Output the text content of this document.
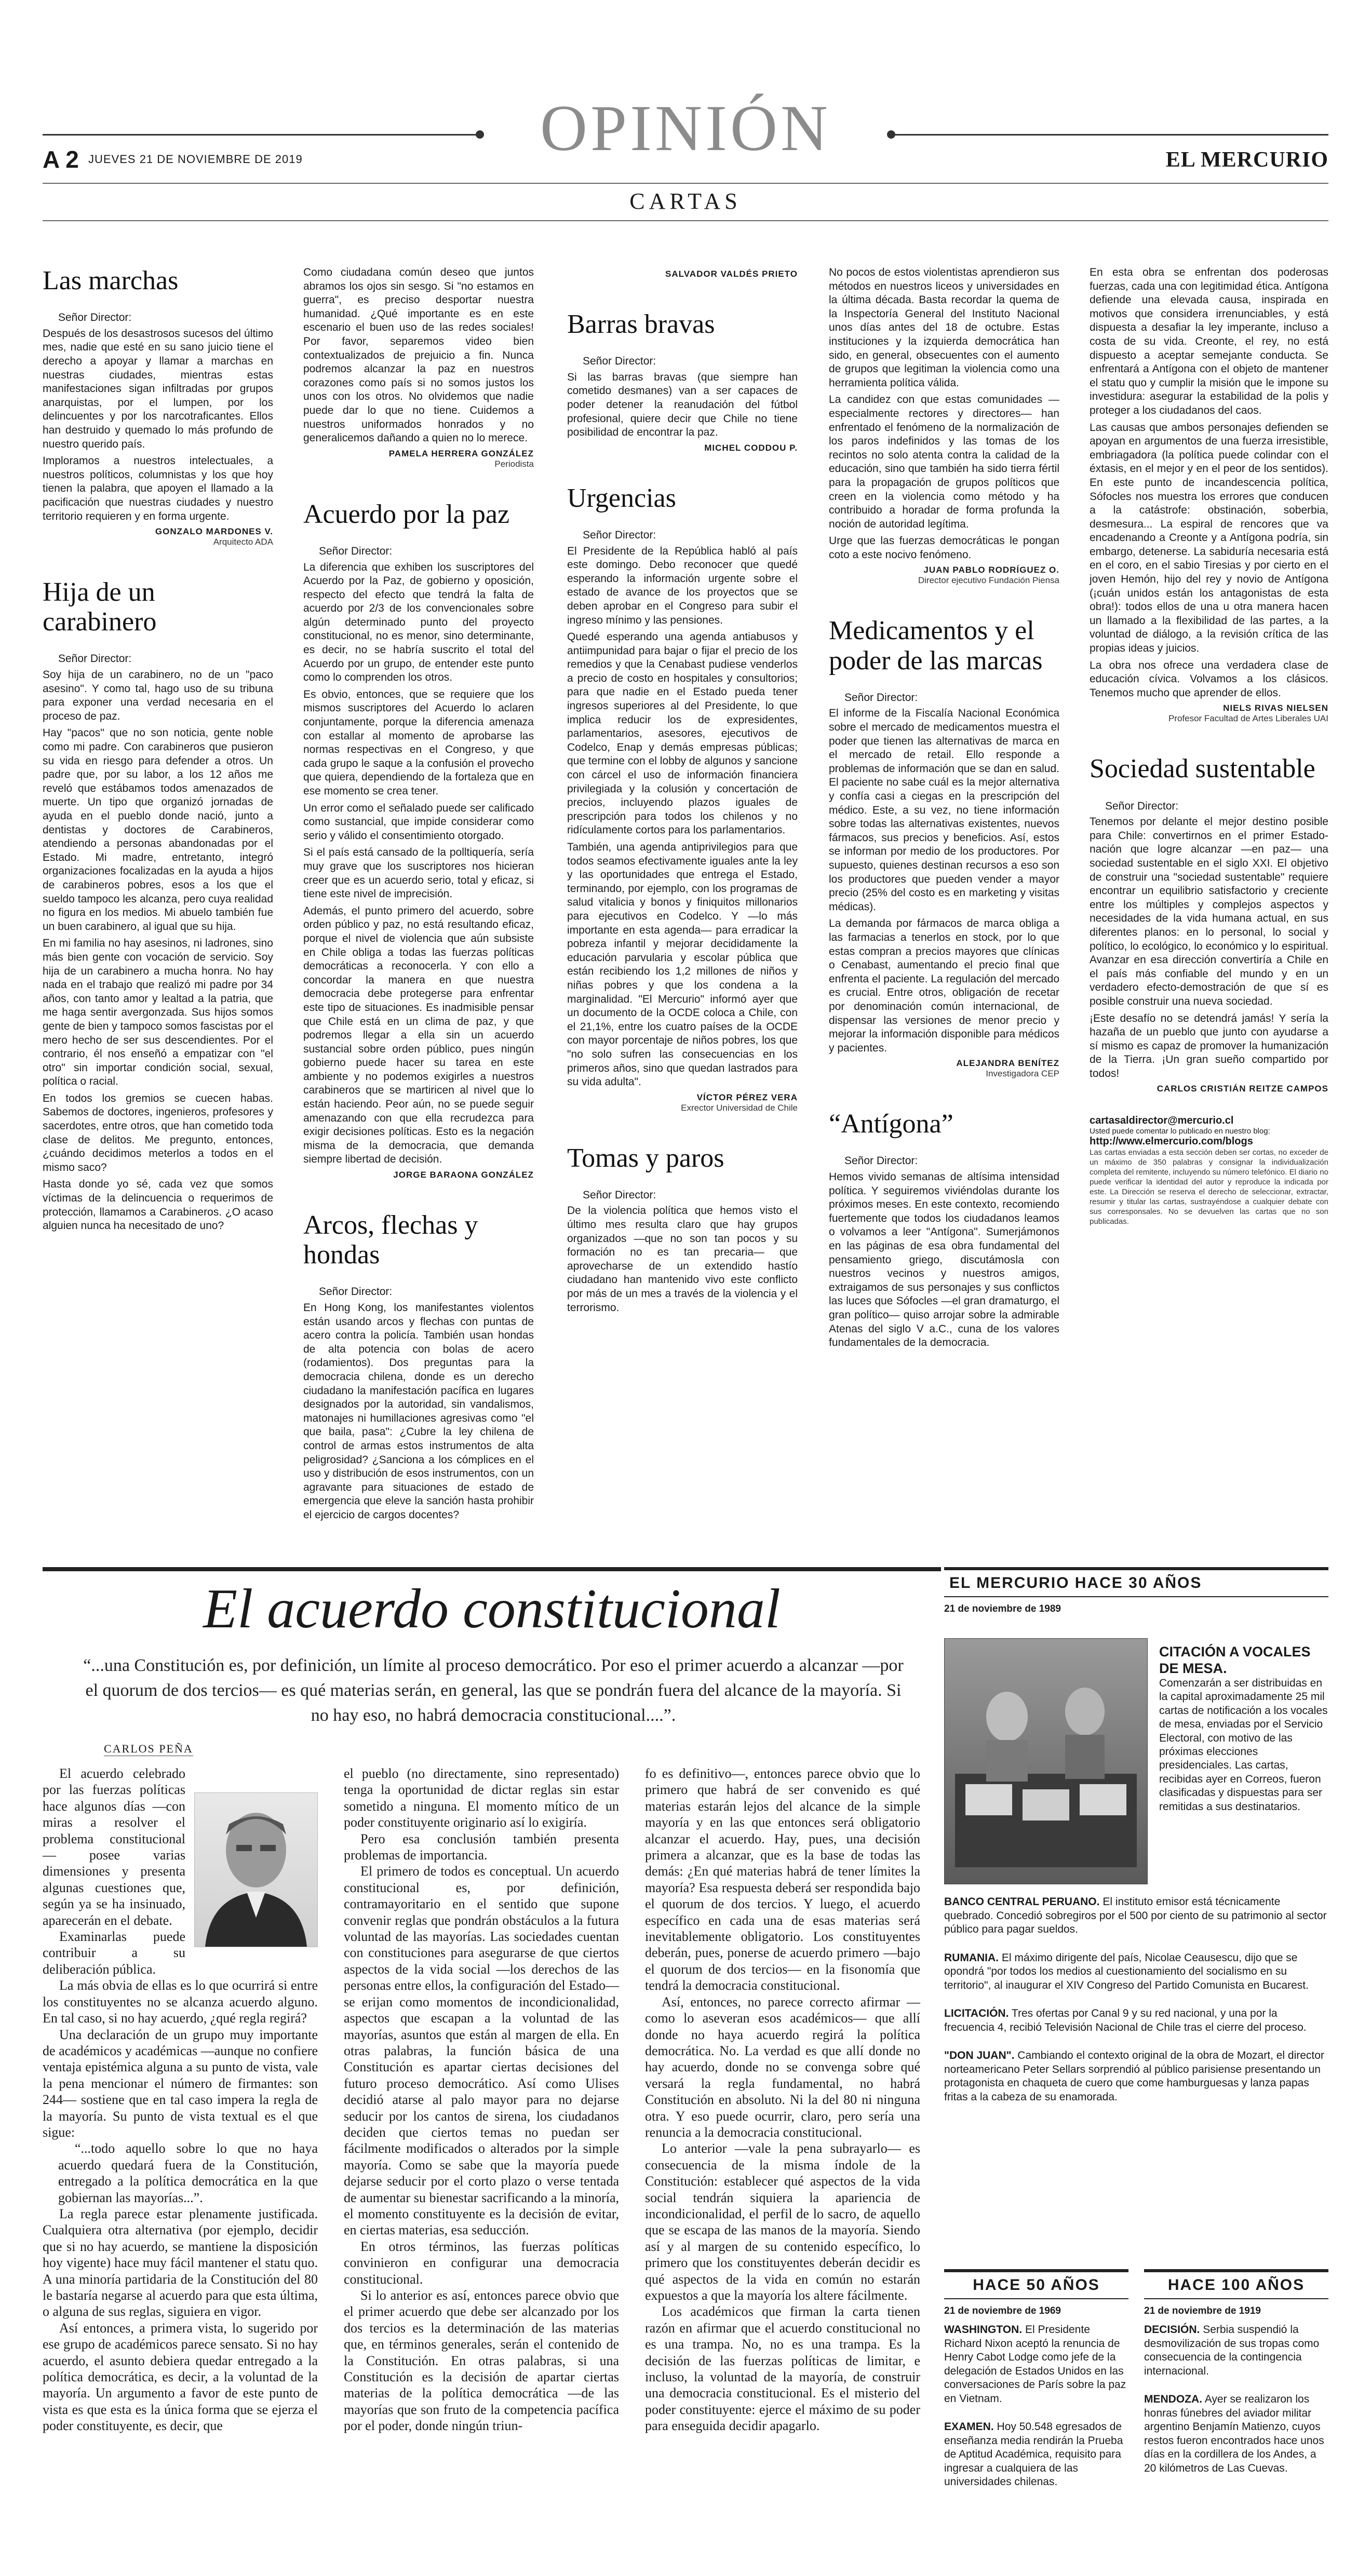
OPINIÓN
A 2 JUEVES 21 DE NOVIEMBRE DE 2019	EL MERCURIO
CARTAS
Las marchas

Señor Director:

Después de los desastrosos sucesos del último mes, nadie que esté en su sano juicio tiene el derecho a apoyar y llamar a marchas en nuestras ciudades, mientras estas manifestaciones sigan infiltradas por grupos anarquistas, por el lumpen, por los delincuentes y por los narcotraficantes. Ellos han destruido y quemado lo más profundo de nuestro querido país.

Imploramos a nuestros intelectuales, a nuestros políticos, columnistas y los que hoy tienen la palabra, que apoyen el llamado a la pacificación que nuestras ciudades y nuestro territorio requieren y en forma urgente.

GONZALO MARDONES V.
Arquitecto ADA
Hija de un carabinero

Señor Director:

Soy hija de un carabinero, no de un "paco asesino". Y como tal, hago uso de su tribuna para exponer una verdad necesaria en el proceso de paz.

Hay "pacos" que no son noticia, gente noble como mi padre. Con carabineros que pusieron su vida en riesgo para defender a otros. Un padre que, por su labor, a los 12 años me reveló que estábamos todos amenazados de muerte. Un tipo que organizó jornadas de ayuda en el pueblo donde nació, junto a dentistas y doctores de Carabineros, atendiendo a personas abandonadas por el Estado. Mi madre, entretanto, integró organizaciones focalizadas en la ayuda a hijos de carabineros pobres, esos a los que el sueldo tampoco les alcanza, pero cuya realidad no figura en los medios. Mi abuelo también fue un buen carabinero, al igual que su hija.

En mi familia no hay asesinos, ni ladrones, sino más bien gente con vocación de servicio. Soy hija de un carabinero a mucha honra. No hay nada en el trabajo que realizó mi padre por 34 años, con tanto amor y lealtad a la patria, que me haga sentir avergonzada. Sus hijos somos gente de bien y tampoco somos fascistas por el mero hecho de ser sus descendientes. Por el contrario, él nos enseñó a empatizar con "el otro" sin importar condición social, sexual, política o racial.

En todos los gremios se cuecen habas. Sabemos de doctores, ingenieros, profesores y sacerdotes, entre otros, que han cometido toda clase de delitos. Me pregunto, entonces, ¿cuándo decidimos meterlos a todos en el mismo saco?

Hasta donde yo sé, cada vez que somos víctimas de la delincuencia o requerimos de protección, llamamos a Carabineros. ¿O acaso alguien nunca ha necesitado de uno?

Como ciudadana común deseo que juntos abramos los ojos sin sesgo. Si "no estamos en guerra", es preciso desportar nuestra humanidad. ¿Qué importante es en este escenario el buen uso de las redes sociales! Por favor, separemos video bien contextualizados de prejuicio a fin. Nunca podremos alcanzar la paz en nuestros corazones como país si no somos justos los unos con los otros. No olvidemos que nadie puede dar lo que no tiene. Cuidemos a nuestros uniformados honrados y no generalicemos dañando a quien no lo merece.

PAMELA HERRERA GONZÁLEZ
Periodista
Acuerdo por la paz

Señor Director:

La diferencia que exhiben los suscriptores del Acuerdo por la Paz, de gobierno y oposición, respecto del efecto que tendrá la falta de acuerdo por 2/3 de los convencionales sobre algún determinado punto del proyecto constitucional, no es menor, sino determinante, es decir, no se habría suscrito el total del Acuerdo por un grupo, de entender este punto como lo comprenden los otros.

Es obvio, entonces, que se requiere que los mismos suscriptores del Acuerdo lo aclaren conjuntamente, porque la diferencia amenaza con estallar al momento de aprobarse las normas respectivas en el Congreso, y que cada grupo le saque a la confusión el provecho que quiera, dependiendo de la fortaleza que en ese momento se crea tener.

Un error como el señalado puede ser calificado como sustancial, que impide considerar como serio y válido el consentimiento otorgado.

Si el país está cansado de la polltiquería, sería muy grave que los suscriptores nos hicieran creer que es un acuerdo serio, total y eficaz, si tiene este nivel de imprecisión.

Además, el punto primero del acuerdo, sobre orden público y paz, no está resultando eficaz, porque el nivel de violencia que aún subsiste en Chile obliga a todas las fuerzas políticas democráticas a reconocerla. Y con ello a concordar la manera en que nuestra democracia debe protegerse para enfrentar este tipo de situaciones. Es inadmisible pensar que Chile está en un clima de paz, y que podremos llegar a ella sin un acuerdo sustancial sobre orden público, pues ningún gobierno puede hacer su tarea en este ambiente y no podemos exigirles a nuestros carabineros que se martiricen al nivel que lo están haciendo. Peor aún, no se puede seguir amenazando con que ella recrudezca para exigir decisiones políticas. Esto es la negación misma de la democracia, que demanda siempre libertad de decisión.

JORGE BARAONA GONZÁLEZ
Arcos, flechas y hondas

Señor Director:

En Hong Kong, los manifestantes violentos están usando arcos y flechas con puntas de acero contra la policía. También usan hondas de alta potencia con bolas de acero (rodamientos). Dos preguntas para la democracia chilena, donde es un derecho ciudadano la manifestación pacífica en lugares designados por la autoridad, sin vandalismos, matonajes ni humillaciones agresivas como "el que baila, pasa": ¿Cubre la ley chilena de control de armas estos instrumentos de alta peligrosidad? ¿Sanciona a los cómplices en el uso y distribución de esos instrumentos, con un agravante para situaciones de estado de emergencia que eleve la sanción hasta prohibir el ejercicio de cargos docentes?

SALVADOR VALDÉS PRIETO
Barras bravas

Señor Director:

Si las barras bravas (que siempre han cometido desmanes) van a ser capaces de poder detener la reanudación del fútbol profesional, quiere decir que Chile no tiene posibilidad de encontrar la paz.

MICHEL CODDOU P.
Urgencias

Señor Director:

El Presidente de la República habló al país este domingo. Debo reconocer que quedé esperando la información urgente sobre el estado de avance de los proyectos que se deben aprobar en el Congreso para subir el ingreso mínimo y las pensiones.

Quedé esperando una agenda antiabusos y antiimpunidad para bajar o fijar el precio de los remedios y que la Cenabast pudiese venderlos a precio de costo en hospitales y consultorios; para que nadie en el Estado pueda tener ingresos superiores al del Presidente, lo que implica reducir los de expresidentes, parlamentarios, asesores, ejecutivos de Codelco, Enap y demás empresas públicas; que termine con el lobby de algunos y sancione con cárcel el uso de información financiera privilegiada y la colusión y concertación de precios, incluyendo plazos iguales de prescripción para todos los chilenos y no ridículamente cortos para los parlamentarios.

También, una agenda antiprivilegios para que todos seamos efectivamente iguales ante la ley y las oportunidades que entrega el Estado, terminando, por ejemplo, con los programas de salud vitalicia y bonos y finiquitos millonarios para ejecutivos en Codelco. Y —lo más importante en esta agenda— para erradicar la pobreza infantil y mejorar decididamente la educación parvularia y escolar pública que están recibiendo los 1,2 millones de niños y niñas pobres y que los condena a la marginalidad. "El Mercurio" informó ayer que un documento de la OCDE coloca a Chile, con el 21,1%, entre los cuatro países de la OCDE con mayor porcentaje de niños pobres, los que "no solo sufren las consecuencias en los primeros años, sino que quedan lastrados para su vida adulta".

VÍCTOR PÉREZ VERA
Exrector Universidad de Chile
Tomas y paros

Señor Director:

De la violencia política que hemos visto el último mes resulta claro que hay grupos organizados —que no son tan pocos y su formación no es tan precaria— que aprovecharse de un extendido hastío ciudadano han mantenido vivo este conflicto por más de un mes a través de la violencia y el terrorismo.

No pocos de estos violentistas aprendieron sus métodos en nuestros liceos y universidades en la última década. Basta recordar la quema de la Inspectoría General del Instituto Nacional unos días antes del 18 de octubre. Estas instituciones y la izquierda democrática han sido, en general, obsecuentes con el aumento de grupos que legitiman la violencia como una herramienta política válida.

La candidez con que estas comunidades —especialmente rectores y directores— han enfrentado el fenómeno de la normalización de los paros indefinidos y las tomas de los recintos no solo atenta contra la calidad de la educación, sino que también ha sido tierra fértil para la propagación de grupos políticos que creen en la violencia como método y ha contribuido a horadar de forma profunda la noción de autoridad legítima.

Urge que las fuerzas democráticas le pongan coto a este nocivo fenómeno.

JUAN PABLO RODRÍGUEZ O.
Director ejecutivo Fundación Piensa
Medicamentos y el poder de las marcas

Señor Director:

El informe de la Fiscalía Nacional Económica sobre el mercado de medicamentos muestra el poder que tienen las alternativas de marca en el mercado de retail. Ello responde a problemas de información que se dan en salud. El paciente no sabe cuál es la mejor alternativa y confía casi a ciegas en la prescripción del médico. Este, a su vez, no tiene información sobre todas las alternativas existentes, nuevos fármacos, sus precios y beneficios. Así, estos se informan por medio de los productores. Por supuesto, quienes destinan recursos a eso son los productores que pueden vender a mayor precio (25% del costo es en marketing y visitas médicas).

La demanda por fármacos de marca obliga a las farmacias a tenerlos en stock, por lo que estas compran a precios mayores que clínicas o Cenabast, aumentando el precio final que enfrenta el paciente. La regulación del mercado es crucial. Entre otros, obligación de recetar por denominación común internacional, de dispensar las versiones de menor precio y mejorar la información disponible para médicos y pacientes.

ALEJANDRA BENÍTEZ
Investigadora CEP
“Antígona”

Señor Director:

Hemos vivido semanas de altísima intensidad política. Y seguiremos viviéndolas durante los próximos meses. En este contexto, recomiendo fuertemente que todos los ciudadanos leamos o volvamos a leer "Antígona". Sumerjámonos en las páginas de esa obra fundamental del pensamiento griego, discutámosla con nuestros vecinos y nuestros amigos, extraigamos de sus personajes y sus conflictos las luces que Sófocles —el gran dramaturgo, el gran político— quiso arrojar sobre la admirable Atenas del siglo V a.C., cuna de los valores fundamentales de la democracia.

En esta obra se enfrentan dos poderosas fuerzas, cada una con legitimidad ética. Antígona defiende una elevada causa, inspirada en motivos que considera irrenunciables, y está dispuesta a desafiar la ley imperante, incluso a costa de su vida. Creonte, el rey, no está dispuesto a aceptar semejante conducta. Se enfrentará a Antígona con el objeto de mantener el statu quo y cumplir la misión que le impone su investidura: asegurar la estabilidad de la polis y proteger a los ciudadanos del caos.

Las causas que ambos personajes defienden se apoyan en argumentos de una fuerza irresistible, embriagadora (la política puede colindar con el éxtasis, en el mejor y en el peor de los sentidos). En este punto de incandescencia política, Sófocles nos muestra los errores que conducen a la catástrofe: obstinación, soberbia, desmesura... La espiral de rencores que va encadenando a Creonte y a Antígona podría, sin embargo, detenerse. La sabiduría necesaria está en el coro, en el sabio Tiresias y por cierto en el joven Hemón, hijo del rey y novio de Antígona (¡cuán unidos están los antagonistas de esta obra!): todos ellos de una u otra manera hacen un llamado a la flexibilidad de las partes, a la voluntad de diálogo, a la revisión crítica de las propias ideas y juicios.

La obra nos ofrece una verdadera clase de educación cívica. Volvamos a los clásicos. Tenemos mucho que aprender de ellos.

NIELS RIVAS NIELSEN
Profesor Facultad de Artes Liberales UAI
Sociedad sustentable

Señor Director:

Tenemos por delante el mejor destino posible para Chile: convertirnos en el primer Estado-nación que logre alcanzar —en paz— una sociedad sustentable en el siglo XXI. El objetivo de construir una "sociedad sustentable" requiere encontrar un equilibrio satisfactorio y creciente entre los múltiples y complejos aspectos y necesidades de la vida humana actual, en sus diferentes planos: en lo personal, lo social y político, lo ecológico, lo económico y lo espiritual. Avanzar en esa dirección convertiría a Chile en el país más confiable del mundo y en un verdadero efecto-demostración de que sí es posible construir una nueva sociedad.

¡Este desafío no se detendrá jamás! Y sería la hazaña de un pueblo que junto con ayudarse a sí mismo es capaz de promover la humanización de la Tierra. ¡Un gran sueño compartido por todos!

CARLOS CRISTIÁN REITZE CAMPOS
cartasaldirector@mercurio.cl
Usted puede comentar lo publicado en nuestro blog:
http://www.elmercurio.com/blogs
Las cartas enviadas a esta sección deben ser cortas, no exceder de un máximo de 350 palabras y consignar la individualización completa del remitente, incluyendo su número telefónico. El diario no puede verificar la identidad del autor y reproduce la indicada por este. La Dirección se reserva el derecho de seleccionar, extractar, resumir y titular las cartas, sustrayéndose a cualquier debate con sus corresponsales. No se devuelven las cartas que no son publicadas.
El acuerdo constitucional
“...una Constitución es, por definición, un límite al proceso democrático. Por eso el primer acuerdo a alcanzar —por el quorum de dos tercios— es qué materias serán, en general, las que se pondrán fuera del alcance de la mayoría. Si no hay eso, no habrá democracia constitucional....”.
CARLOS PEÑA

El acuerdo celebrado por las fuerzas políticas hace algunos días —con miras a resolver el problema constitucional— posee varias dimensiones y presenta algunas cuestiones que, según ya se ha insinuado, aparecerán en el debate.

Examinarlas puede contribuir a su deliberación pública.

La más obvia de ellas es lo que ocurrirá si entre los constituyentes no se alcanza acuerdo alguno. En tal caso, si no hay acuerdo, ¿qué regla regirá?

Una declaración de un grupo muy importante de académicos y académicas —aunque no confiere ventaja epistémica alguna a su punto de vista, vale la pena mencionar el número de firmantes: son 244— sostiene que en tal caso impera la regla de la mayoría. Su punto de vista textual es el que sigue:

“...todo aquello sobre lo que no haya acuerdo quedará fuera de la Constitución, entregado a la política democrática en la que gobiernan las mayorías...”.

La regla parece estar plenamente justificada. Cualquiera otra alternativa (por ejemplo, decidir que si no hay acuerdo, se mantiene la disposición hoy vigente) hace muy fácil mantener el statu quo. A una minoría partidaria de la Constitución del 80 le bastaría negarse al acuerdo para que esta última, o alguna de sus reglas, siguiera en vigor.

Así entonces, a primera vista, lo sugerido por ese grupo de académicos parece sensato. Si no hay acuerdo, el asunto debiera quedar entregado a la política democrática, es decir, a la voluntad de la mayoría. Un argumento a favor de este punto de vista es que esta es la única forma que se ejerza el poder constituyente, es decir, que

el pueblo (no directamente, sino representado) tenga la oportunidad de dictar reglas sin estar sometido a ninguna. El momento mítico de un poder constituyente originario así lo exigiría.

Pero esa conclusión también presenta problemas de importancia.

El primero de todos es conceptual. Un acuerdo constitucional es, por definición, contramayoritario en el sentido que supone convenir reglas que pondrán obstáculos a la futura voluntad de las mayorías. Las sociedades cuentan con constituciones para asegurarse de que ciertos aspectos de la vida social —los derechos de las personas entre ellos, la configuración del Estado— se erijan como momentos de incondicionalidad, aspectos que escapan a la voluntad de las mayorías, asuntos que están al margen de ella. En otras palabras, la función básica de una Constitución es apartar ciertas decisiones del futuro proceso democrático. Así como Ulises decidió atarse al palo mayor para no dejarse seducir por los cantos de sirena, los ciudadanos deciden que ciertos temas no puedan ser fácilmente modificados o alterados por la simple mayoría. Como se sabe que la mayoría puede dejarse seducir por el corto plazo o verse tentada de aumentar su bienestar sacrificando a la minoría, el momento constituyente es la decisión de evitar, en ciertas materias, esa seducción.

En otros términos, las fuerzas políticas convinieron en configurar una democracia constitucional.

Si lo anterior es así, entonces parece obvio que el primer acuerdo que debe ser alcanzado por los dos tercios es la determinación de las materias que, en términos generales, serán el contenido de la Constitución. En otras palabras, si una Constitución es la decisión de apartar ciertas materias de la política democrática —de las mayorías que son fruto de la competencia pacífica por el poder, donde ningún triun-

fo es definitivo—, entonces parece obvio que lo primero que habrá de ser convenido es qué materias estarán lejos del alcance de la simple mayoría y en las que entonces será obligatorio alcanzar el acuerdo. Hay, pues, una decisión primera a alcanzar, que es la base de todas las demás: ¿En qué materias habrá de tener límites la mayoría? Esa respuesta deberá ser respondida bajo el quorum de dos tercios. Y luego, el acuerdo específico en cada una de esas materias será inevitablemente obligatorio. Los constituyentes deberán, pues, ponerse de acuerdo primero —bajo el quorum de dos tercios— en la fisonomía que tendrá la democracia constitucional.

Así, entonces, no parece correcto afirmar —como lo aseveran esos académicos— que allí donde no haya acuerdo regirá la política democrática. No. La verdad es que allí donde no hay acuerdo, donde no se convenga sobre qué versará la regla fundamental, no habrá Constitución en absoluto. Ni la del 80 ni ninguna otra. Y eso puede ocurrir, claro, pero sería una renuncia a la democracia constitucional.

Lo anterior —vale la pena subrayarlo— es consecuencia de la misma índole de la Constitución: establecer qué aspectos de la vida social tendrán siquiera la apariencia de incondicionalidad, el perfil de lo sacro, de aquello que se escapa de las manos de la mayoría. Siendo así y al margen de su contenido específico, lo primero que los constituyentes deberán decidir es qué aspectos de la vida en común no estarán expuestos a que la mayoría los altere fácilmente.

Los académicos que firman la carta tienen razón en afirmar que el acuerdo constitucional no es una trampa. No, no es una trampa. Es la decisión de las fuerzas políticas de limitar, e incluso, la voluntad de la mayoría, de construir una democracia constitucional. Es el misterio del poder constituyente: ejerce el máximo de su poder para enseguida decidir apagarlo.

EL MERCURIO HACE 30 AÑOS
21 de noviembre de 1989
CITACIÓN A VOCALES DE MESA.
Comenzarán a ser distribuidas en la capital aproximadamente 25 mil cartas de notificación a los vocales de mesa, enviadas por el Servicio Electoral, con motivo de las próximas elecciones presidenciales. Las cartas, recibidas ayer en Correos, fueron clasificadas y dispuestas para ser remitidas a sus destinatarios.

BANCO CENTRAL PERUANO. El instituto emisor está técnicamente quebrado. Concedió sobregiros por el 500 por ciento de su patrimonio al sector público para pagar sueldos.

RUMANIA. El máximo dirigente del país, Nicolae Ceausescu, dijo que se opondrá "por todos los medios al cuestionamiento del socialismo en su territorio", al inaugurar el XIV Congreso del Partido Comunista en Bucarest.

LICITACIÓN. Tres ofertas por Canal 9 y su red nacional, y una por la frecuencia 4, recibió Televisión Nacional de Chile tras el cierre del proceso.

"DON JUAN". Cambiando el contexto original de la obra de Mozart, el director norteamericano Peter Sellars sorprendió al público parisiense presentando un protagonista en chaqueta de cuero que come hamburguesas y lanza papas fritas a la cabeza de su enamorada.

HACE 50 AÑOS
21 de noviembre de 1969

WASHINGTON. El Presidente Richard Nixon aceptó la renuncia de Henry Cabot Lodge como jefe de la delegación de Estados Unidos en las conversaciones de París sobre la paz en Vietnam.

EXAMEN. Hoy 50.548 egresados de enseñanza media rendirán la Prueba de Aptitud Académica, requisito para ingresar a cualquiera de las universidades chilenas.

HACE 100 AÑOS
21 de noviembre de 1919

DECISIÓN. Serbia suspendió la desmovilización de sus tropas como consecuencia de la contingencia internacional.

MENDOZA. Ayer se realizaron los honras fúnebres del aviador militar argentino Benjamín Matienzo, cuyos restos fueron encontrados hace unos días en la cordillera de los Andes, a 20 kilómetros de Las Cuevas.
